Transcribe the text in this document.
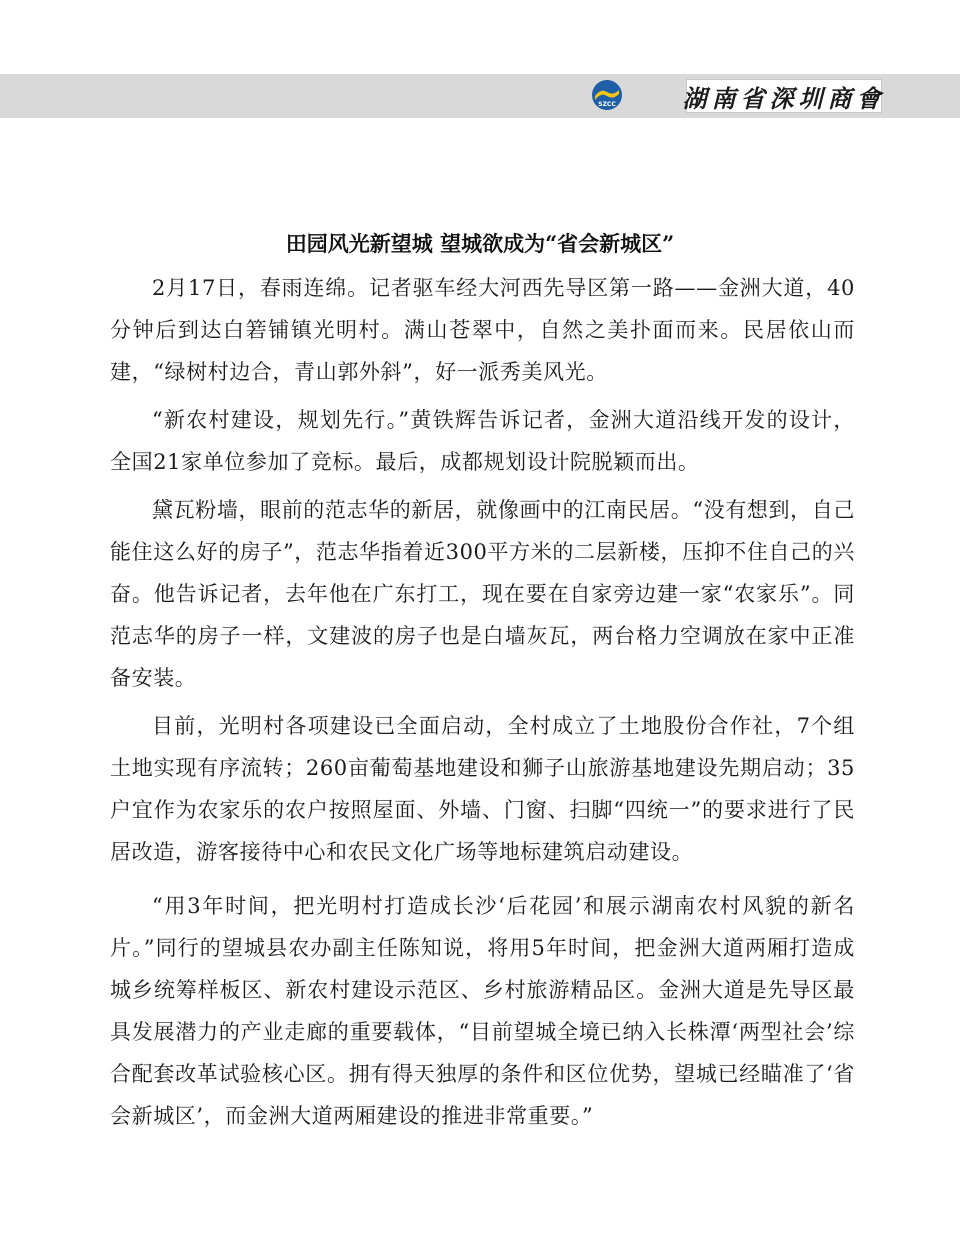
SZCC	湖南省深圳商會
田园风光新望城 望城欲成为“省会新城区”

2月17日，春雨连绵。记者驱车经大河西先导区第一路——金洲大道，40分钟后到达白箬铺镇光明村。满山苍翠中，自然之美扑面而来。民居依山而建，“绿树村边合，青山郭外斜”，好一派秀美风光。

“新农村建设，规划先行。”黄铁辉告诉记者，金洲大道沿线开发的设计，全国21家单位参加了竞标。最后，成都规划设计院脱颖而出。

黛瓦粉墙，眼前的范志华的新居，就像画中的江南民居。“没有想到，自己能住这么好的房子”，范志华指着近300平方米的二层新楼，压抑不住自己的兴奋。他告诉记者，去年他在广东打工，现在要在自家旁边建一家“农家乐”。同范志华的房子一样，文建波的房子也是白墙灰瓦，两台格力空调放在家中正准备安装。

目前，光明村各项建设已全面启动，全村成立了土地股份合作社，7个组土地实现有序流转；260亩葡萄基地建设和狮子山旅游基地建设先期启动；35户宜作为农家乐的农户按照屋面、外墙、门窗、扫脚“四统一”的要求进行了民居改造，游客接待中心和农民文化广场等地标建筑启动建设。

“用3年时间，把光明村打造成长沙‘后花园’和展示湖南农村风貌的新名片。”同行的望城县农办副主任陈知说，将用5年时间，把金洲大道两厢打造成城乡统筹样板区、新农村建设示范区、乡村旅游精品区。金洲大道是先导区最具发展潜力的产业走廊的重要载体，“目前望城全境已纳入长株潭‘两型社会’综合配套改革试验核心区。拥有得天独厚的条件和区位优势，望城已经瞄准了‘省会新城区’，而金洲大道两厢建设的推进非常重要。”
